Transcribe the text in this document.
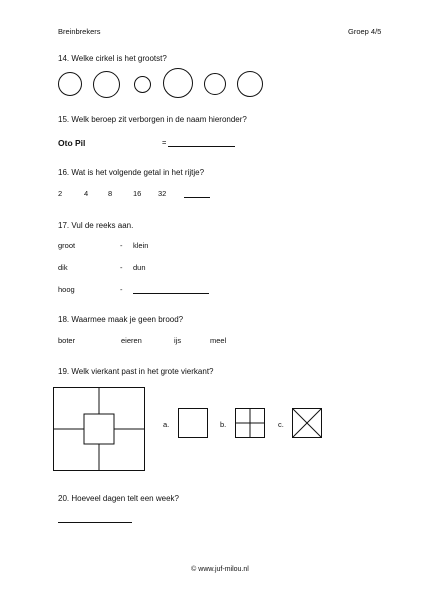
Breinbrekers	Groep 4/5
14. Welke cirkel is het grootst?
15. Welk beroep zit verborgen in de naam hieronder?
Oto Pil	=
16. Wat is het volgende getal in het rijtje?
2	4	8	16 32
17. Vul de reeks aan.
groot	- klein
dik	- dun
hoog	-
18. Waarmee maak je geen brood?
boter	eieren	ijs	meel
19. Welk vierkant past in het grote vierkant?
a.	b.	c.
20. Hoeveel dagen telt een week?
© www.juf-milou.nl
